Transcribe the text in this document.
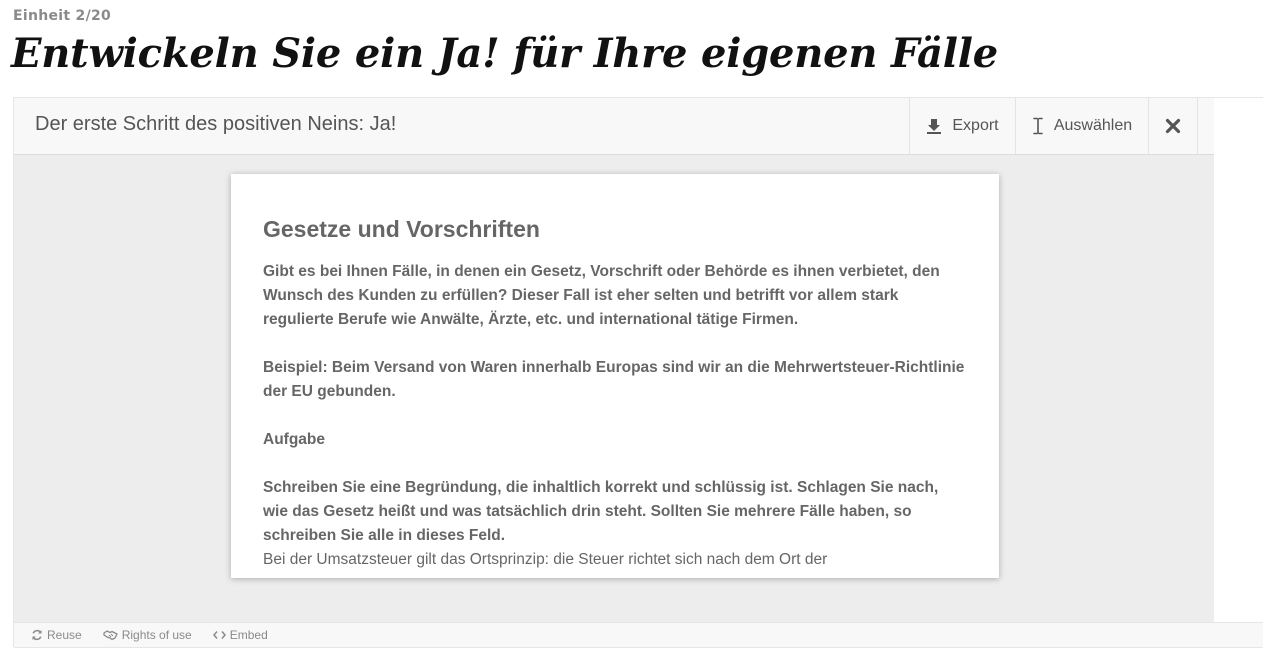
Einheit 2/20
Entwickeln Sie ein Ja! für Ihre eigenen Fälle
Der erste Schritt des positiven Neins: Ja!	Export	Auswählen
Gesetze und Vorschriften

Gibt es bei Ihnen Fälle, in denen ein Gesetz, Vorschrift oder Behörde es ihnen verbietet, den Wunsch des Kunden zu erfüllen? Dieser Fall ist eher selten und betrifft vor allem stark regulierte Berufe wie Anwälte, Ärzte, etc. und international tätige Firmen.

Beispiel: Beim Versand von Waren innerhalb Europas sind wir an die Mehrwertsteuer-Richtlinie der EU gebunden.

Aufgabe

Schreiben Sie eine Begründung, die inhaltlich korrekt und schlüssig ist. Schlagen Sie nach, wie das Gesetz heißt und was tatsächlich drin steht. Sollten Sie mehrere Fälle haben, so schreiben Sie alle in dieses Feld.

Bei der Umsatzsteuer gilt das Ortsprinzip: die Steuer richtet sich nach dem Ort der

Reuse	Rights of use	Embed
